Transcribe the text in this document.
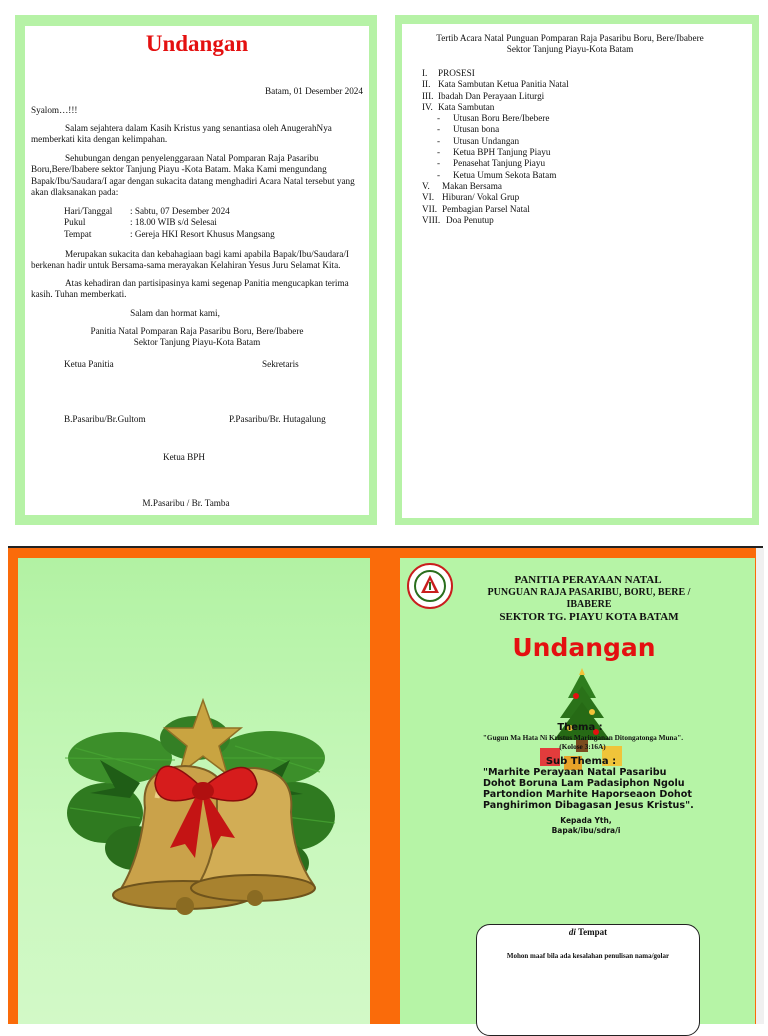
Undangan
Batam, 01 Desember 2024
Syalom…!!!
Salam sejahtera dalam Kasih Kristus yang senantiasa oleh AnugerahNya
memberkati kita dengan kelimpahan.
Sehubungan dengan penyelenggaraan Natal Pomparan Raja Pasaribu
Boru,Bere/Ibabere sektor Tanjung Piayu -Kota Batam. Maka Kami mengundang
Bapak/Ibu/Saudara/I agar dengan sukacita datang menghadiri Acara Natal tersebut yang
akan dlaksanakan pada:
Hari/Tanggal	: Sabtu, 07 Desember 2024
Pukul	: 18.00 WIB s/d Selesai
Tempat	: Gereja HKI Resort Khusus Mangsang
Merupakan sukacita dan kebahagiaan bagi kami apabila Bapak/Ibu/Saudara/I
berkenan hadir untuk Bersama-sama merayakan Kelahiran Yesus Juru Selamat Kita.
Atas kehadiran dan partisipasinya kami segenap Panitia mengucapkan terima
kasih. Tuhan memberkati.
Salam dan hormat kami,
Panitia Natal Pomparan Raja Pasaribu Boru, Bere/Ibabere
Sektor Tanjung Piayu-Kota Batam
Ketua Panitia	Sekretaris
B.Pasaribu/Br.Gultom	P.Pasaribu/Br. Hutagalung
Ketua BPH
M.Pasaribu / Br. Tamba
Tertib Acara Natal Punguan Pomparan Raja Pasaribu Boru, Bere/Ibabere
Sektor Tanjung Piayu-Kota Batam
I.	PROSESI
II. Kata Sambutan Ketua Panitia Natal
III. Ibadah Dan Perayaan Liturgi
IV. Kata Sambutan
-	Utusan Boru Bere/Ibebere
-	Utusan bona
-	Utusan Undangan
-	Ketua BPH Tanjung Piayu
-	Penasehat Tanjung Piayu
-	Ketua Umum Sekota Batam
V.	Makan Bersama
VI. Hiburan/ Vokal Grup
VII. Pembagian Parsel Natal
VIII. Doa Penutup
PANITIA PERAYAAN NATAL
PUNGUAN RAJA PASARIBU, BORU, BERE /
IBABERE
SEKTOR TG. PIAYU KOTA BATAM
Undangan
Thema :
"Gugun Ma Hata Ni Kristus Maringanan Ditongatonga Muna".
(Kolose 3:16A)
Sub Thema :
"Marhite Perayaan Natal Pasaribu
Dohot Boruna Lam Padasiphon Ngolu
Partondion Marhite Haporseaon Dohot
Panghirimon Dibagasan Jesus Kristus".
Kepada Yth,
Bapak/ibu/sdra/i
di Tempat
Mohon maaf bila ada kesalahan penulisan nama/golar
